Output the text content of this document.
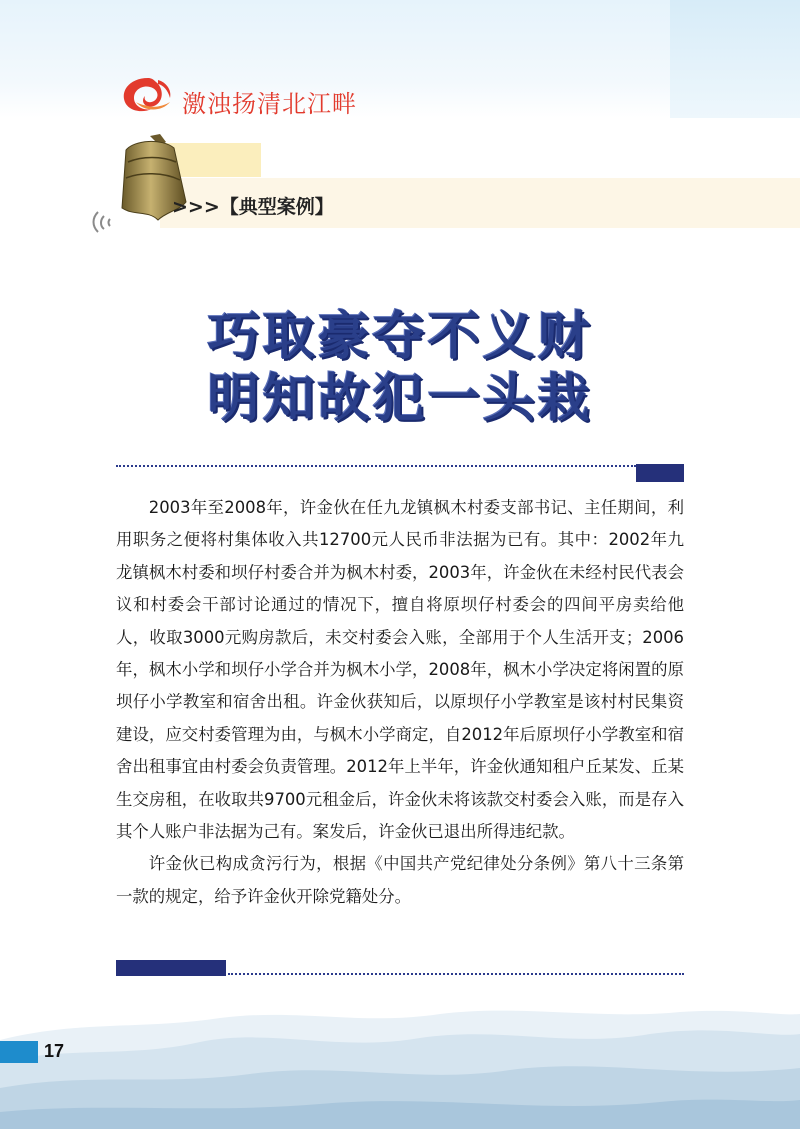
激浊扬清北江畔
>>>【典型案例】
巧取豪夺不义财
明知故犯一头栽

2003年至2008年，许金伙在任九龙镇枫木村委支部书记、主任期间，利用职务之便将村集体收入共12700元人民币非法据为已有。其中：2002年九龙镇枫木村委和坝仔村委合并为枫木村委，2003年，许金伙在未经村民代表会议和村委会干部讨论通过的情况下，擅自将原坝仔村委会的四间平房卖给他人，收取3000元购房款后，未交村委会入账，全部用于个人生活开支；2006年，枫木小学和坝仔小学合并为枫木小学，2008年，枫木小学决定将闲置的原坝仔小学教室和宿舍出租。许金伙获知后，以原坝仔小学教室是该村村民集资建设，应交村委管理为由，与枫木小学商定，自2012年后原坝仔小学教室和宿舍出租事宜由村委会负责管理。2012年上半年，许金伙通知租户丘某发、丘某生交房租，在收取共9700元租金后，许金伙未将该款交村委会入账，而是存入其个人账户非法据为己有。案发后，许金伙已退出所得违纪款。

许金伙已构成贪污行为，根据《中国共产党纪律处分条例》第八十三条第一款的规定，给予许金伙开除党籍处分。

17
